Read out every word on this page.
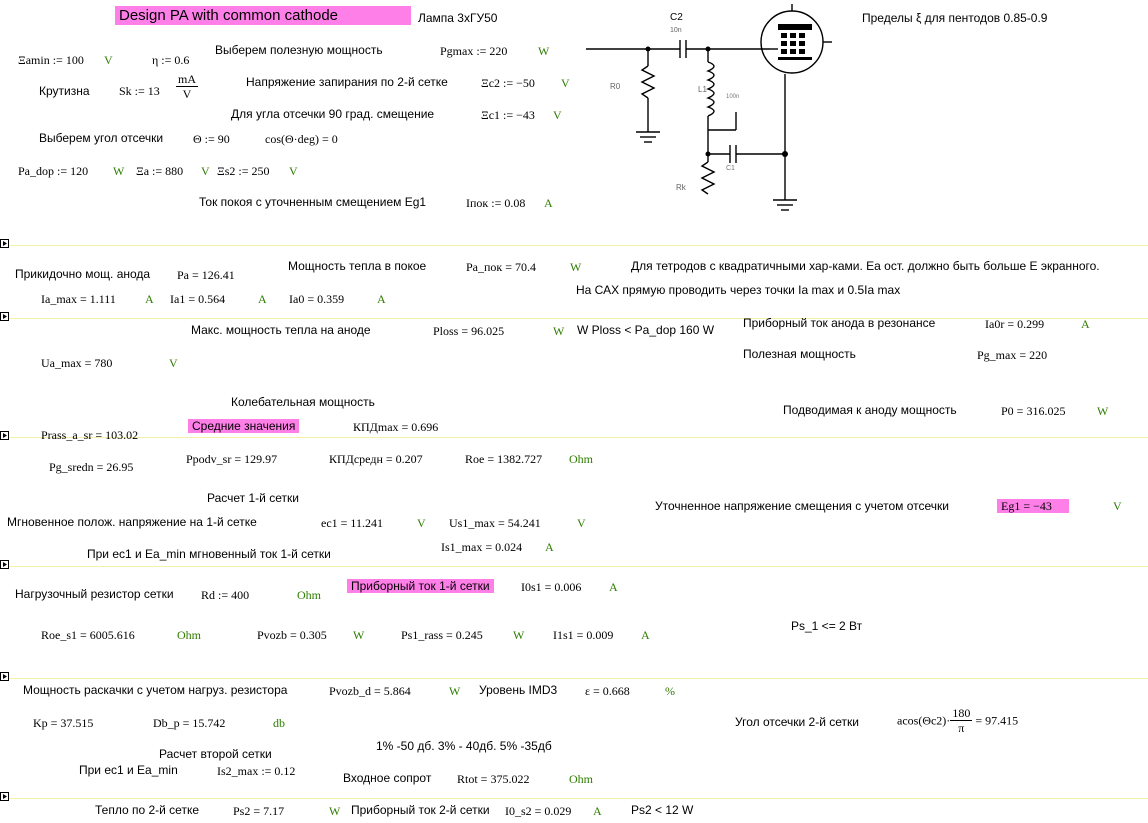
Design PA with common cathode	Лампа 3хГУ50	Пределы ξ для пентодов 0.85-0.9
Ξamin := 100 V	η := 0.6
Выберем полезную мощность	Pgmax := 220	W
Крутизна Sk := $13 \frac{mA}{V}$	Напряжение запирания по 2-й сетке	Ξc2 := −50 V
Для угла отсечки 90 град. смещение	Ξc1 := −43 V
Выберем угол отсечки Θ := 90	cos(Θ·deg) = 0
Pa_dop := 120 W Ξa := 880 V Ξs2 := 250 V
Ток покоя с уточненным смещением Eg1	Iпок := 0.08 A
C2
10n
R0	L1
100n
C1
Rk
Прикидочно мощ. анода Pa = 126.41
Мощность тепла в покое	Pa_пок = 70.4	W	Для тетродов с квадратичными хар-ками. Ea ост. должно быть больше E экранного.
На САХ прямую проводить через точки Ia max и 0.5Ia max
Ia_max = 1.111 A Ia1 = 0.564	A Ia0 = 0.359	A
Макс. мощность тепла на аноде	Ploss = 96.025	W W Ploss < Pa_dop 160 W Приборный ток анода в резонансе	Ia0r = 0.299	A
Ua_max = 780	V
Полезная мощность	Pg_max = 220
Колебательная мощность
Подводимая к аноду мощность	P0 = 316.025	W
Prass_a_sr = 103.02
Средние значения	КПДmax = 0.696
Pg_sredn = 26.95
Ppodv_sr = 129.97	КПДсредн = 0.207	Roe = 1382.727 Ohm
Расчет 1-й сетки
Уточненное напряжение смещения с учетом отсечки	Eg1 = −43	V
Мгновенное полож. напряжение на 1-й сетке	ec1 = 11.241	V Us1_max = 54.241	V
При ec1 и Ea_min мгновенный ток 1-й сетки	Is1_max = 0.024 A
Нагрузочный резистор сетки Rd := 400	Ohm
Приборный ток 1-й сетки	I0s1 = 0.006 A
Roe_s1 = 6005.616	Ohm	Pvozb = 0.305 W	Ps1_rass = 0.245	W I1s1 = 0.009 A
Ps_1 <= 2 Вт
Мощность раскачки с учетом нагруз. резистора	Pvozb_d = 5.864	W Уровень IMD3 ε = 0.668	%
Kp = 37.515	Db_p = 15.742	db	Угол отсечки 2-й сетки	$acos(\Theta c2)\cdot \frac{180}{\pi} = 97.415$
1% -50 дб. 3% - 40дб. 5% -35дб
Расчет второй сетки
При ec1 и Ea_min	Is2_max := 0.12	Входное сопрот Rtot = 375.022	Ohm
Тепло по 2-й сетке	Ps2 = 7.17	W Приборный ток 2-й сетки I0_s2 = 0.029 A Ps2 < 12 W
